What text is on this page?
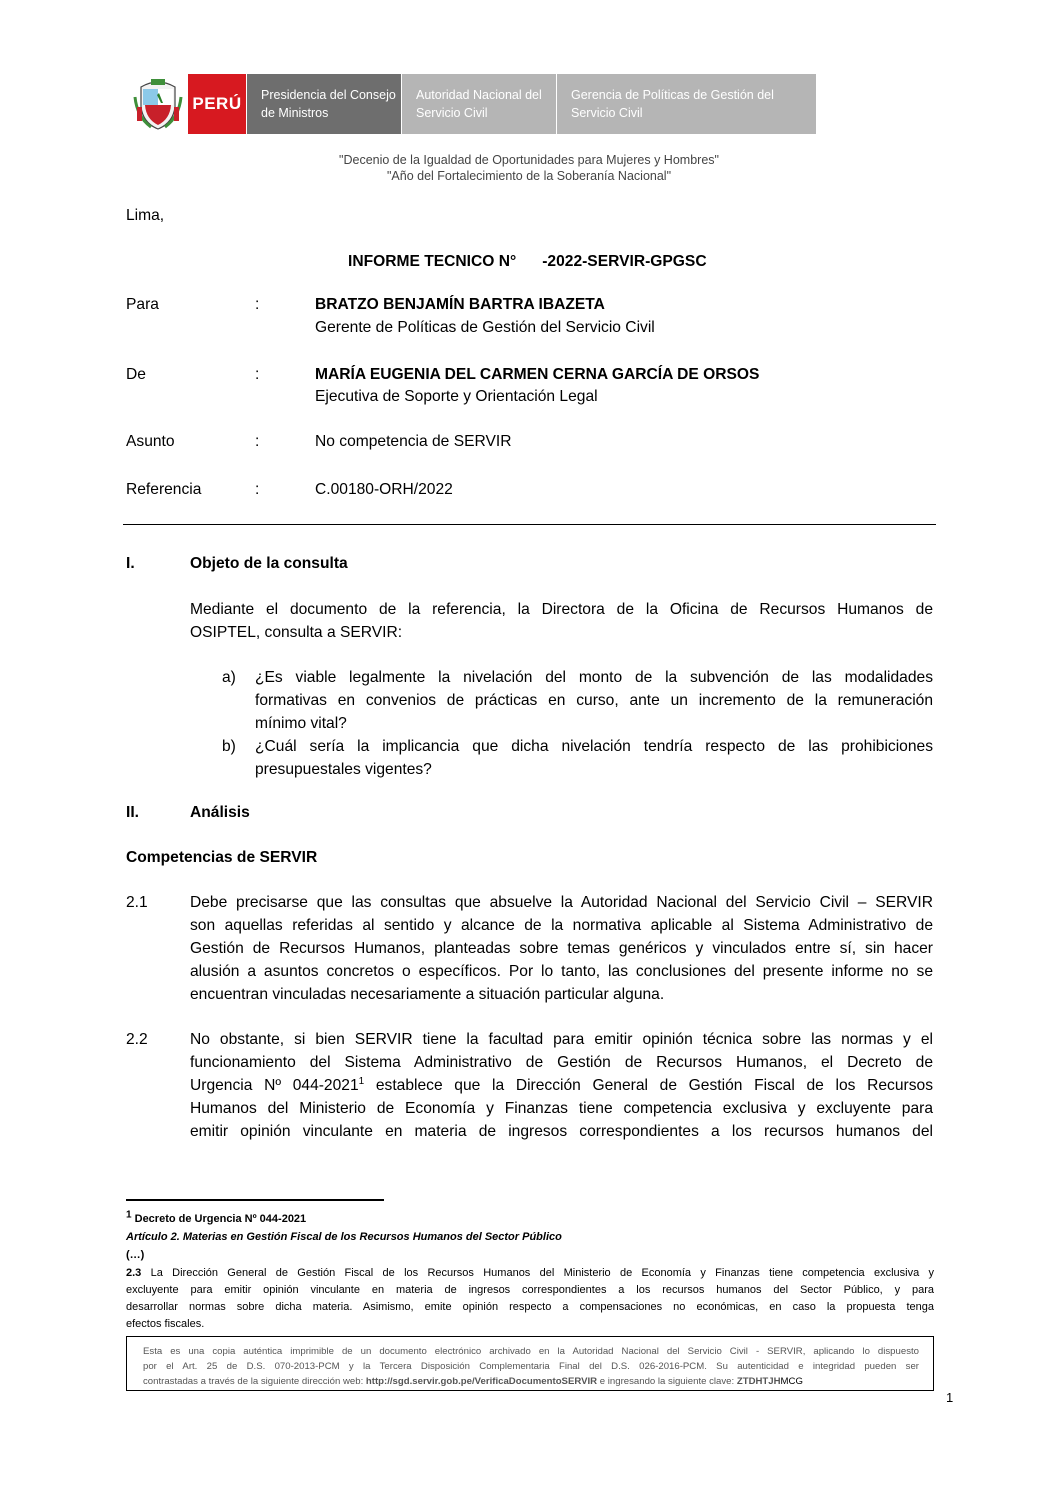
PERÚ	Presidencia del Consejo de Ministros
Autoridad Nacional del Servicio Civil
Gerencia de Políticas de Gestión del Servicio Civil
"Decenio de la Igualdad de Oportunidades para Mujeres y Hombres"
"Año del Fortalecimiento de la Soberanía Nacional"
Lima,
INFORME TECNICO N°      -2022-SERVIR-GPGSC
Para	:	BRATZO BENJAMÍN BARTRA IBAZETA
Gerente de Políticas de Gestión del Servicio Civil
De	:	MARÍA EUGENIA DEL CARMEN CERNA GARCÍA DE ORSOS
Ejecutiva de Soporte y Orientación Legal
Asunto	:	No competencia de SERVIR
Referencia	:	C.00180-ORH/2022
I.	Objeto de la consulta
Mediante el documento de la referencia, la Directora de la Oficina de Recursos Humanos de
OSIPTEL, consulta a SERVIR:
a) ¿Es viable legalmente la nivelación del monto de la subvención de las modalidades
formativas en convenios de prácticas en curso, ante un incremento de la remuneración
mínimo vital?
b) ¿Cuál sería la implicancia que dicha nivelación tendría respecto de las prohibiciones
presupuestales vigentes?
II.	Análisis
Competencias de SERVIR
2.1	Debe precisarse que las consultas que absuelve la Autoridad Nacional del Servicio Civil – SERVIR
son aquellas referidas al sentido y alcance de la normativa aplicable al Sistema Administrativo de
Gestión de Recursos Humanos, planteadas sobre temas genéricos y vinculados entre sí, sin hacer
alusión a asuntos concretos o específicos. Por lo tanto, las conclusiones del presente informe no se
encuentran vinculadas necesariamente a situación particular alguna.
2.2	No obstante, si bien SERVIR tiene la facultad para emitir opinión técnica sobre las normas y el
funcionamiento del Sistema Administrativo de Gestión de Recursos Humanos, el Decreto de
Urgencia Nº 044-2021$^1$ establece que la Dirección General de Gestión Fiscal de los Recursos
Humanos del Ministerio de Economía y Finanzas tiene competencia exclusiva y excluyente para
emitir opinión vinculante en materia de ingresos correspondientes a los recursos humanos del
$^1$ Decreto de Urgencia Nº 044-2021
Artículo 2. Materias en Gestión Fiscal de los Recursos Humanos del Sector Público
(…)
2.3 La Dirección General de Gestión Fiscal de los Recursos Humanos del Ministerio de Economía y Finanzas tiene competencia exclusiva y
excluyente para emitir opinión vinculante en materia de ingresos correspondientes a los recursos humanos del Sector Público, y para
desarrollar normas sobre dicha materia. Asimismo, emite opinión respecto a compensaciones no económicas, en caso la propuesta tenga
efectos fiscales.
Esta es una copia auténtica imprimible de un documento electrónico archivado en la Autoridad Nacional del Servicio Civil - SERVIR, aplicando lo dispuesto
por el Art. 25 de D.S. 070-2013-PCM y la Tercera Disposición Complementaria Final del D.S. 026-2016-PCM. Su autenticidad e integridad pueden ser
contrastadas a través de la siguiente dirección web: http://sgd.servir.gob.pe/VerificaDocumentoSERVIR e ingresando la siguiente clave: ZTDHTJHMCG
1
